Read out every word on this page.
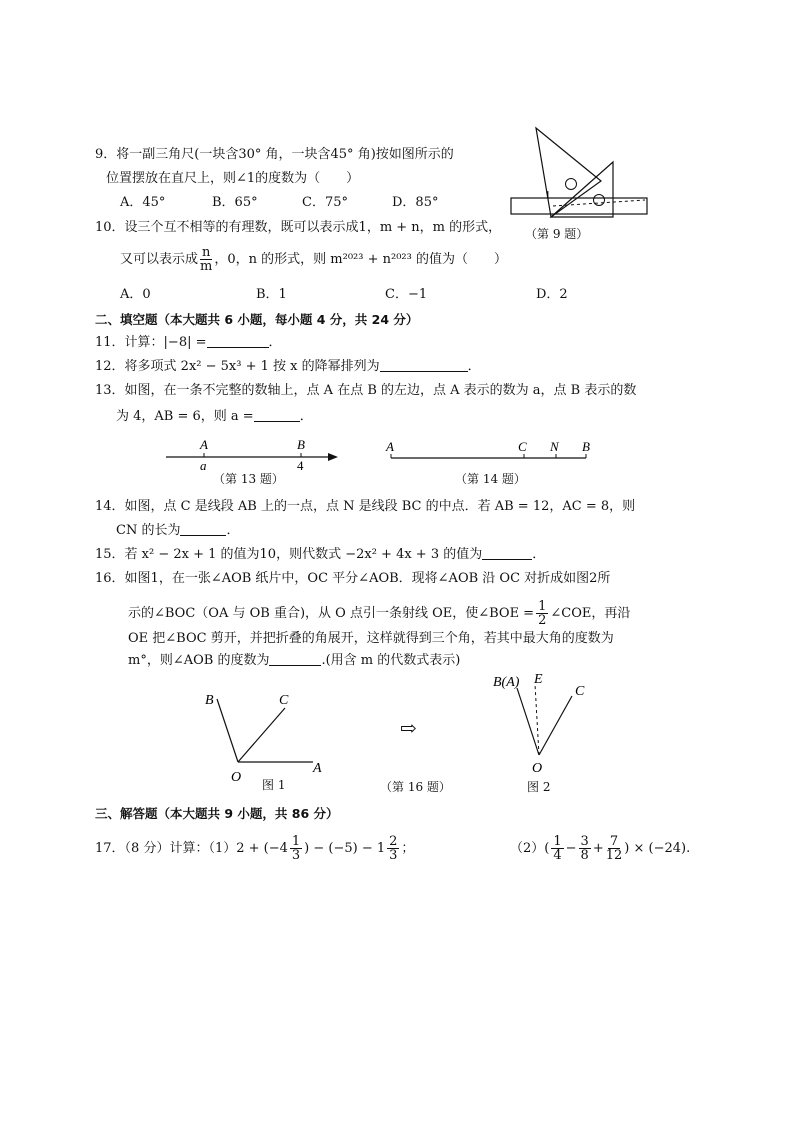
9．将一副三角尺(一块含30° 角，一块含45° 角)按如图所示的
位置摆放在直尺上，则∠1的度数为（　　）
A．45°	B．65°	C．75°	D．85°	1
（第 9 题）
10．设三个互不相等的有理数，既可以表示成1，m + n，m 的形式，
又可以表示成 $\frac{n}{m}$ ，0，n 的形式，则 m²⁰²³ + n²⁰²³ 的值为（　　）
A．0	B．1	C．−1	D．2
二、填空题（本大题共 6 小题，每小题 4 分，共 24 分）
11．计算：|−8| =	．
12．将多项式 2x² − 5x³ + 1 按 x 的降幂排列为	．
13．如图，在一条不完整的数轴上，点 A 在点 B 的左边，点 A 表示的数为 a，点 B 表示的数
为 4，AB = 6，则 a =	．
A	B
a	4
（第 13 题）
A	C N B
（第 14 题）
14．如图，点 C 是线段 AB 上的一点，点 N 是线段 BC 的中点．若 AB = 12，AC = 8，则
CN 的长为	．
15．若 x² − 2x + 1 的值为10，则代数式 −2x² + 4x + 3 的值为	．
16．如图1，在一张∠AOB 纸片中，OC 平分∠AOB．现将∠AOB 沿 OC 对折成如图2所
示的∠BOC（OA 与 OB 重合)，从 O 点引一条射线 OE，使∠BOE = $\frac{1}{2}$ ∠COE，再沿
OE 把∠BOC 剪开，并把折叠的角展开，这样就得到三个角，若其中最大角的度数为
m°，则∠AOB 的度数为	.(用含 m 的代数式表示)
B	C
O
A
图 1
⇨
（第 16 题）
B(A) E
C
O
图 2
三、解答题（本大题共 9 小题，共 86 分）
17．（8 分）计算：$(1)2 + (-4 \frac{1}{3}$ ) − $(-5) - 1 \frac{2}{3}$ ；	$(2)( \frac{1}{4} - \frac{3}{8} + \frac{7}{12}$ ) × (−24).
